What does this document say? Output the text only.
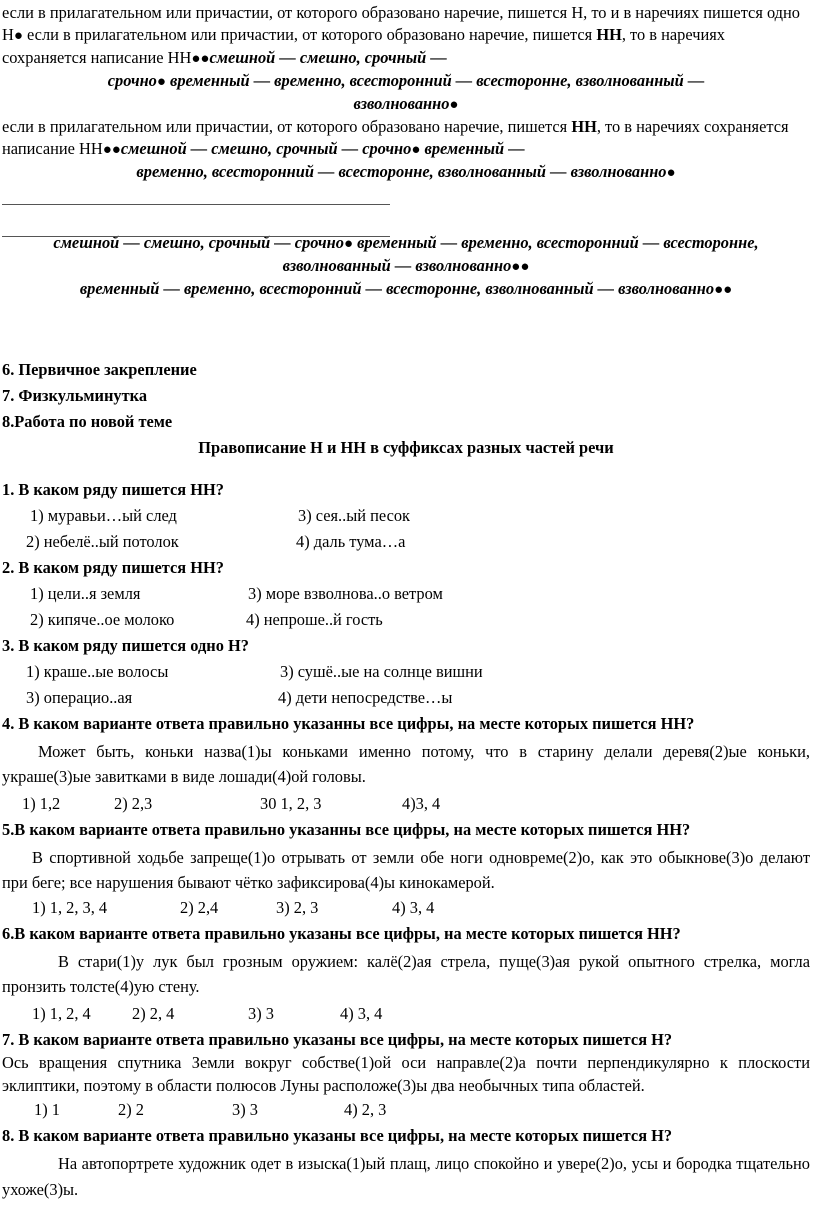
если в прилагательном или причастии, от которого образовано наречие, пишется Н, то и в наречиях пишется одно Н● если в прилагательном или причастии, от которого образовано наречие, пишется НН, то в наречиях сохраняется написание НН●●смешной — смешно, срочный —

срочно● временный — временно, всесторонний — всесторонне, взволнованный —

взволнованно●

если в прилагательном или причастии, от которого образовано наречие, пишется НН, то в наречиях сохраняется написание НН●●смешной — смешно, срочный — срочно● временный —

временно, всесторонний — всесторонне, взволнованный — взволнованно●

смешной — смешно, срочный — срочно● временный — временно, всесторонний — всесторонне,

взволнованный — взволнованно●●

временный — временно, всесторонний — всесторонне, взволнованный — взволнованно●●

6. Первичное закрепление

7. Физкульминутка

8.Работа по новой теме

Правописание Н и НН в суффиксах разных частей речи

1. В каком ряду пишется НН?

1) муравьи…ый след	3) сея..ый песок

2) небелё..ый потолок	4) даль тума…а

2. В каком ряду пишется НН?

1) цели..я земля	3) море взволнова..о ветром

2) кипяче..ое молоко	4) непроше..й гость

3. В каком ряду пишется одно Н?

1) краше..ые волосы	3) сушё..ые на солнце вишни

3) операцио..ая	4) дети непосредстве…ы

4. В каком варианте ответа правильно указанны все цифры, на месте которых пишется НН?

Может быть, коньки назва(1)ы коньками именно потому, что в старину делали деревя(2)ые коньки, украше(3)ые завитками в виде лошади(4)ой головы.

1) 1,2	2) 2,3	30 1, 2, 3	4)3, 4

5.В каком варианте ответа правильно указанны все цифры, на месте которых пишется НН?

В спортивной ходьбе запреще(1)о отрывать от земли обе ноги одновреме(2)о, как это обыкнове(3)о делают при беге; все нарушения бывают чётко зафиксирова(4)ы кинокамерой.

1) 1, 2, 3, 4	2) 2,4	3) 2, 3	4) 3, 4

6.В каком варианте ответа правильно указаны все цифры, на месте которых пишется НН?

В стари(1)у лук был грозным оружием: калё(2)ая стрела, пуще(3)ая рукой опытного стрелка, могла пронзить толсте(4)ую стену.

1) 1, 2, 4	2) 2, 4	3) 3	4) 3, 4

7. В каком варианте ответа правильно указаны все цифры, на месте которых пишется Н?

Ось вращения спутника Земли вокруг собстве(1)ой оси направле(2)а почти перпендикулярно к плоскости эклиптики, поэтому в области полюсов Луны расположе(3)ы два необычных типа областей.

1) 1	2) 2	3) 3	4) 2, 3

8. В каком варианте ответа правильно указаны все цифры, на месте которых пишется Н?

На автопортрете художник одет в изыска(1)ый плащ, лицо спокойно и увере(2)о, усы и бородка тщательно ухоже(3)ы.
